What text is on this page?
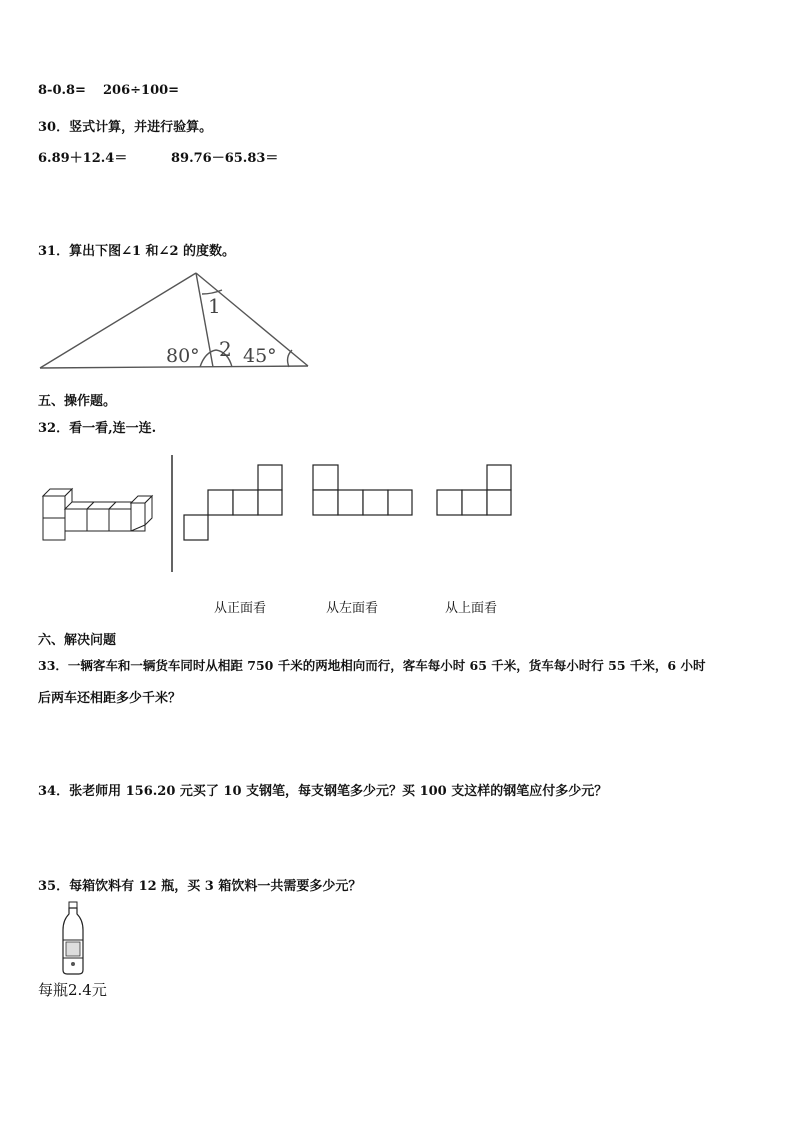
8-0.8= 206÷100=
30．竖式计算，并进行验算。
6.89＋12.4＝	89.76－65.83＝
31．算出下图∠1 和∠2 的度数。
1
2
80° 45°
五、操作题。
32．看一看,连一连.
从正面看	从左面看	从上面看
六、解决问题
33．一辆客车和一辆货车同时从相距 750 千米的两地相向而行，客车每小时 65 千米，货车每小时行 55 千米，6 小时
后两车还相距多少千米？
34．张老师用 156.20 元买了 10 支钢笔，每支钢笔多少元？买 100 支这样的钢笔应付多少元？
35．每箱饮料有 12 瓶，买 3 箱饮料一共需要多少元？
每瓶2.4元
